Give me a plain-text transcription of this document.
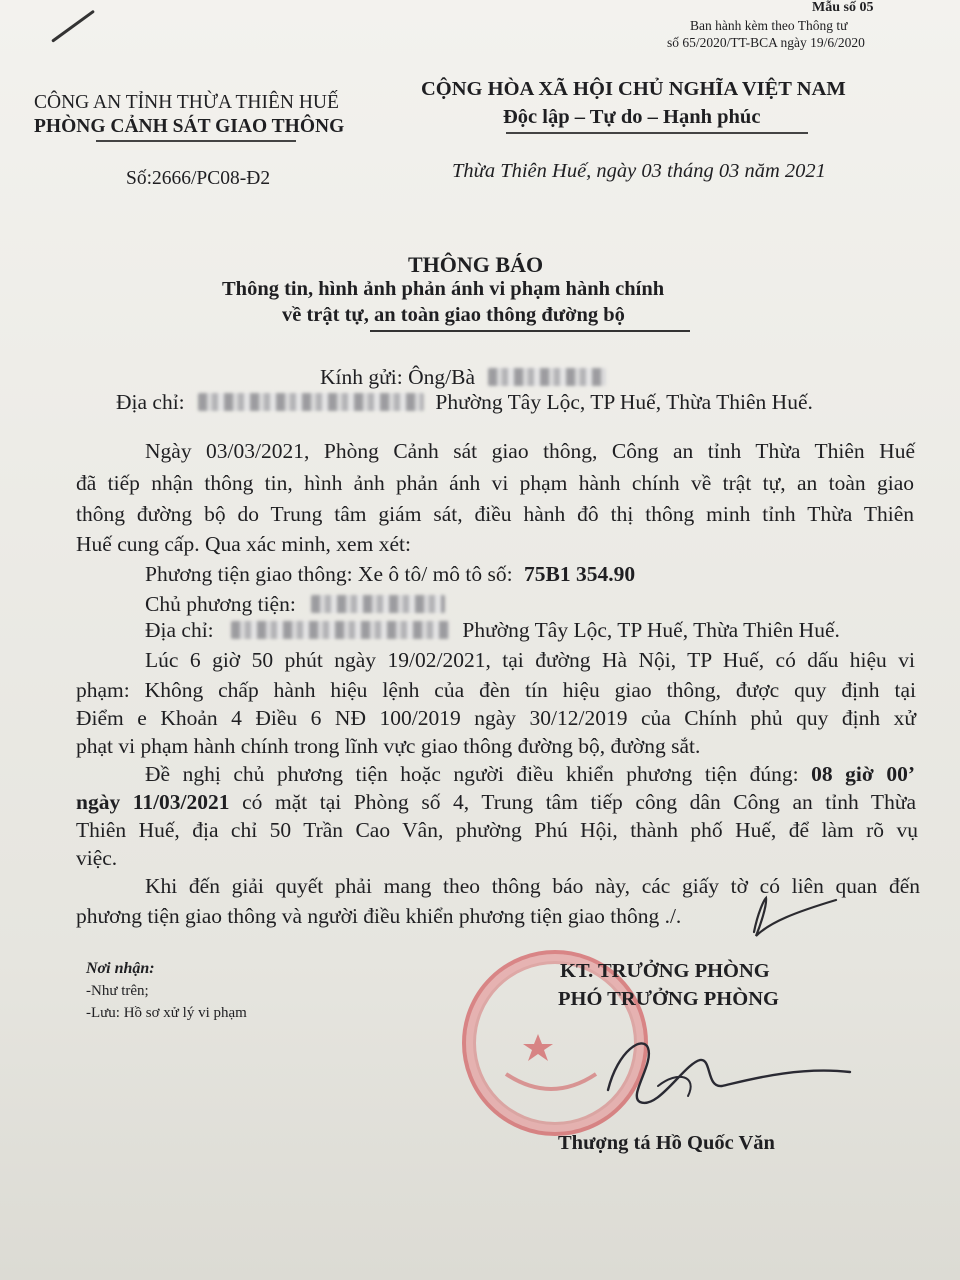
Mẫu số 05
Ban hành kèm theo Thông tư
số 65/2020/TT-BCA ngày 19/6/2020
CÔNG AN TỈNH THỪA THIÊN HUẾ
PHÒNG CẢNH SÁT GIAO THÔNG
Số:2666/PC08-Đ2
CỘNG HÒA XÃ HỘI CHỦ NGHĨA VIỆT NAM
Độc lập – Tự do – Hạnh phúc
Thừa Thiên Huế, ngày 03 tháng 03 năm 2021
THÔNG BÁO
Thông tin, hình ảnh phản ánh vi phạm hành chính
về trật tự, an toàn giao thông đường bộ
Kính gửi: Ông/Bà
Địa chỉ:	Phường Tây Lộc, TP Huế, Thừa Thiên Huế.
Ngày 03/03/2021, Phòng Cảnh sát giao thông, Công an tỉnh Thừa Thiên Huế
đã tiếp nhận thông tin, hình ảnh phản ánh vi phạm hành chính về trật tự, an toàn giao
thông đường bộ do Trung tâm giám sát, điều hành đô thị thông minh tỉnh Thừa Thiên
Huế cung cấp. Qua xác minh, xem xét:
Phương tiện giao thông: Xe ô tô/ mô tô số: 75B1 354.90
Chủ phương tiện:
Địa chỉ:	Phường Tây Lộc, TP Huế, Thừa Thiên Huế.
Lúc 6 giờ 50 phút ngày 19/02/2021, tại đường Hà Nội, TP Huế, có dấu hiệu vi
phạm: Không chấp hành hiệu lệnh của đèn tín hiệu giao thông, được quy định tại
Điểm e Khoản 4 Điều 6 NĐ 100/2019 ngày 30/12/2019 của Chính phủ quy định xử
phạt vi phạm hành chính trong lĩnh vực giao thông đường bộ, đường sắt.
Đề nghị chủ phương tiện hoặc người điều khiển phương tiện đúng: 08 giờ 00’
ngày 11/03/2021 có mặt tại Phòng số 4, Trung tâm tiếp công dân Công an tỉnh Thừa
Thiên Huế, địa chỉ 50 Trần Cao Vân, phường Phú Hội, thành phố Huế, để làm rõ vụ
việc.
Khi đến giải quyết phải mang theo thông báo này, các giấy tờ có liên quan đến
phương tiện giao thông và người điều khiển phương tiện giao thông ./.
Nơi nhận:
-Như trên;
-Lưu: Hồ sơ xử lý vi phạm
KT. TRƯỞNG PHÒNG
PHÓ TRƯỞNG PHÒNG
Thượng tá Hồ Quốc Văn
